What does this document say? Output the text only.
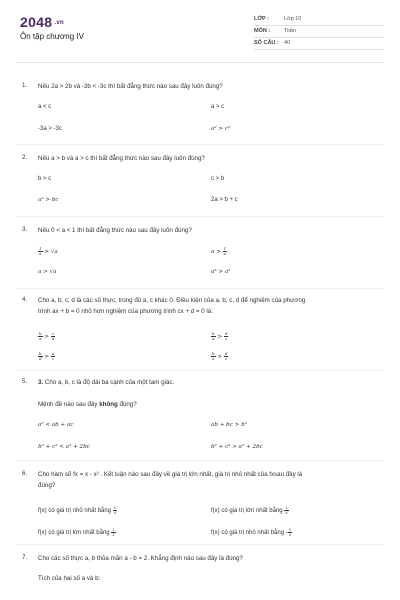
2048 .vn
Ôn tập chương IV
LỚP :	Lớp 10
MÔN :	Toán
SỐ CÂU : 40
1. Nếu 2a > 2b và -3b < -3c thì bất đẳng thức nào sau đây luôn đúng?
a < c	a > c
-3a > -3c	a² > c²
2. Nếu a > b và a > c thì bất đẳng thức nào sau đây luôn đúng?
b > c	c > b
a² > bc	2a > b + c
3. Nếu 0 < a < 1 thì bất đẳng thức nào sau đây luôn đúng?
$\frac{1}{a} > √a$	$a > \frac{1}{a}$
a > √a	a³ > a²
4. Cho a, b, c, d là các số thực, trong đó a, c khác 0. Điều kiện của a, b, c, d để nghiệm của phương
trình ax + b = 0 nhỏ hơn nghiệm của phương trình cx + d = 0 là:
$\frac{b}{a} > \frac{c}{d}$	$\frac{b}{a} > \frac{d}{c}$
$\frac{b}{d} > \frac{a}{c}$	$\frac{b}{a} > \frac{d}{c}$
5. 3. Cho a, b, c là độ dài ba cạnh của một tam giác.
Mệnh đề nào sau đây không đúng?
a² < ab + ac	ab + bc > b²
b² + c² < a² + 2bc	b² + c² > a² + 2bc
6. Cho hàm số fx = x - x² . Kết luận nào sau đây về giá trị lớn nhất, giá trị nhỏ nhất của fxsau đây là
đúng?
f(x) có giá trị nhỏ nhất bằng $\frac{1}{4}$	f(x) có giá trị lớn nhất bằng $\frac{1}{4}$
f(x) có giá trị lớn nhất bằng $\frac{1}{2}$	f(x) có giá trị nhỏ nhất bằng - $\frac{1}{4}$
7. Cho các số thực a, b thỏa mãn a - b = 2. Khẳng định nào sau đây là đúng?
Tích của hai số a và b:
